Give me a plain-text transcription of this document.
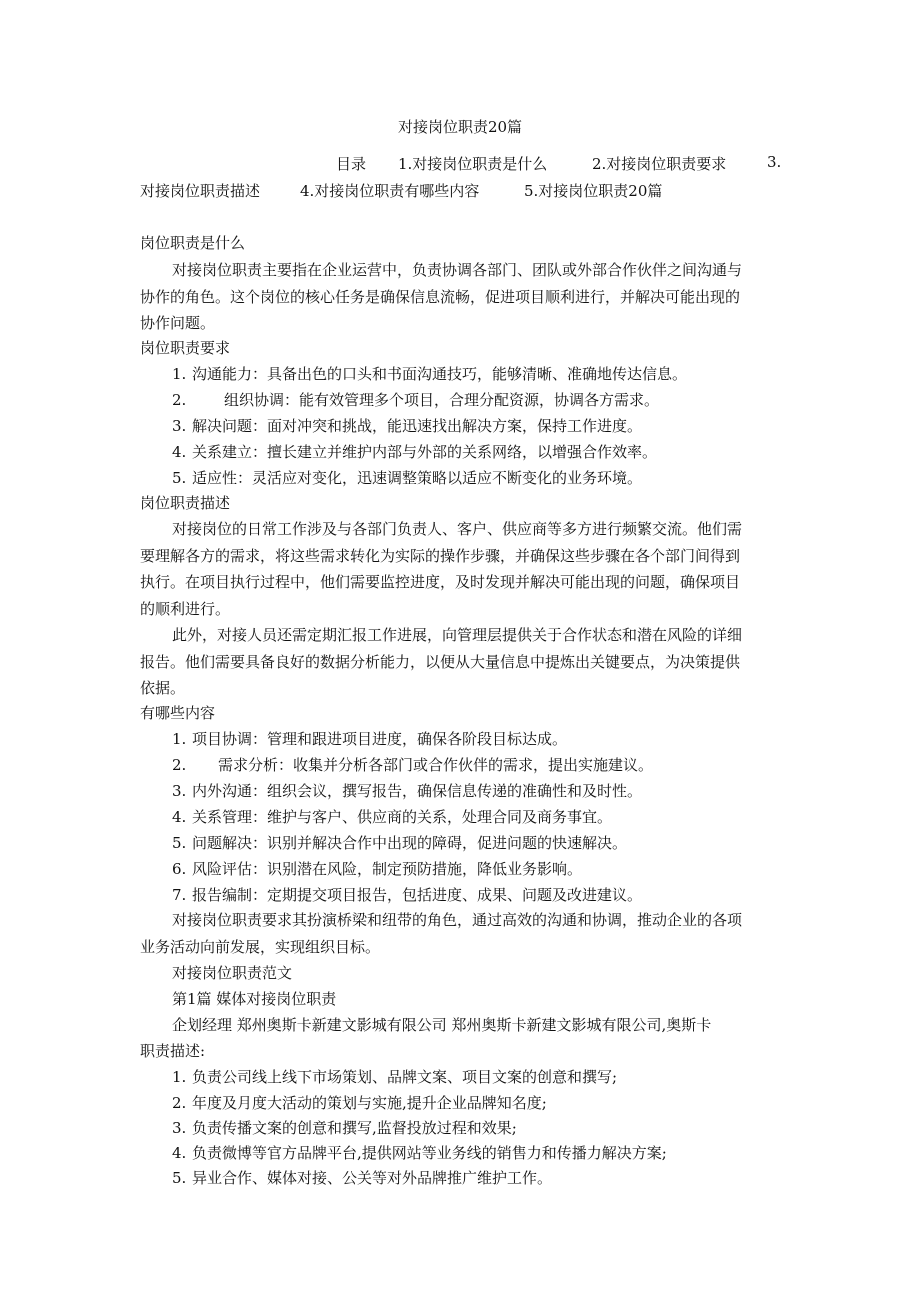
对接岗位职责20篇
目录 1.对接岗位职责是什么	2.对接岗位职责要求	3.
对接岗位职责描述	4.对接岗位职责有哪些内容	5.对接岗位职责20篇
岗位职责是什么
对接岗位职责主要指在企业运营中，负责协调各部门、团队或外部合作伙伴之间沟通与
协作的角色。这个岗位的核心任务是确保信息流畅，促进项目顺利进行，并解决可能出现的
协作问题。
岗位职责要求
1. 沟通能力：具备出色的口头和书面沟通技巧，能够清晰、准确地传达信息。
2.	组织协调：能有效管理多个项目，合理分配资源，协调各方需求。
3. 解决问题：面对冲突和挑战，能迅速找出解决方案，保持工作进度。
4. 关系建立：擅长建立并维护内部与外部的关系网络，以增强合作效率。
5. 适应性：灵活应对变化，迅速调整策略以适应不断变化的业务环境。
岗位职责描述
对接岗位的日常工作涉及与各部门负责人、客户、供应商等多方进行频繁交流。他们需
要理解各方的需求，将这些需求转化为实际的操作步骤，并确保这些步骤在各个部门间得到
执行。在项目执行过程中，他们需要监控进度，及时发现并解决可能出现的问题，确保项目
的顺利进行。
此外，对接人员还需定期汇报工作进展，向管理层提供关于合作状态和潜在风险的详细
报告。他们需要具备良好的数据分析能力，以便从大量信息中提炼出关键要点，为决策提供
依据。
有哪些内容
1. 项目协调：管理和跟进项目进度，确保各阶段目标达成。
2. 需求分析：收集并分析各部门或合作伙伴的需求，提出实施建议。
3. 内外沟通：组织会议，撰写报告，确保信息传递的准确性和及时性。
4. 关系管理：维护与客户、供应商的关系，处理合同及商务事宜。
5. 问题解决：识别并解决合作中出现的障碍，促进问题的快速解决。
6. 风险评估：识别潜在风险，制定预防措施，降低业务影响。
7. 报告编制：定期提交项目报告，包括进度、成果、问题及改进建议。
对接岗位职责要求其扮演桥梁和纽带的角色，通过高效的沟通和协调，推动企业的各项
业务活动向前发展，实现组织目标。
对接岗位职责范文
第1篇 媒体对接岗位职责
企划经理 郑州奥斯卡新建文影城有限公司 郑州奥斯卡新建文影城有限公司,奥斯卡
职责描述:
1. 负责公司线上线下市场策划、品牌文案、项目文案的创意和撰写;
2. 年度及月度大活动的策划与实施,提升企业品牌知名度;
3. 负责传播文案的创意和撰写,监督投放过程和效果;
4. 负责微博等官方品牌平台,提供网站等业务线的销售力和传播力解决方案;
5. 异业合作、媒体对接、公关等对外品牌推广维护工作。
